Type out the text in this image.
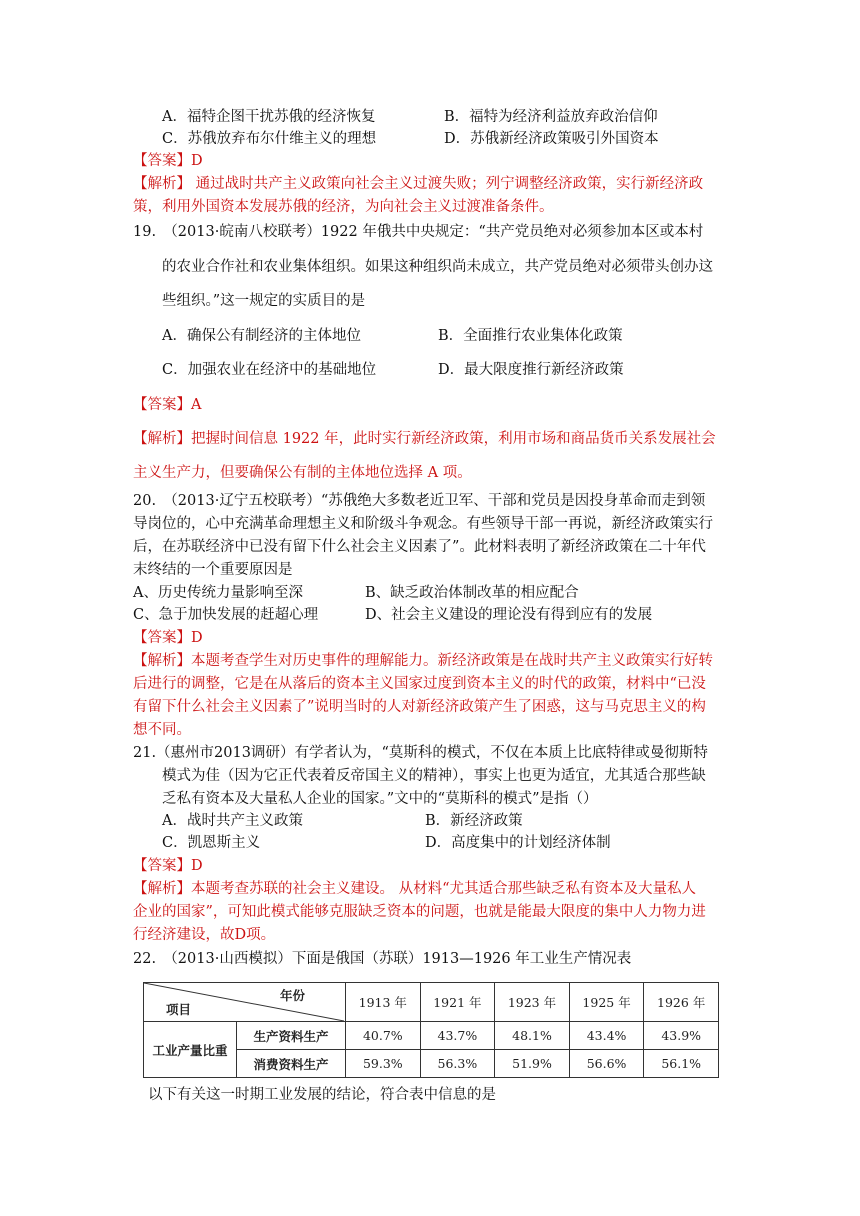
A．福特企图干扰苏俄的经济恢复	B．福特为经济利益放弃政治信仰
C．苏俄放弃布尔什维主义的理想	D．苏俄新经济政策吸引外国资本
【答案】D
【解析】 通过战时共产主义政策向社会主义过渡失败；列宁调整经济政策，实行新经济政
策，利用外国资本发展苏俄的经济，为向社会主义过渡准备条件。
19.　（2013·皖南八校联考）1922 年俄共中央规定：“共产党员绝对必须参加本区或本村
的农业合作社和农业集体组织。如果这种组织尚未成立，共产党员绝对必须带头创办这
些组织。”这一规定的实质目的是
A．确保公有制经济的主体地位	B．全面推行农业集体化政策
C．加强农业在经济中的基础地位	D．最大限度推行新经济政策
【答案】A
【解析】把握时间信息 1922 年，此时实行新经济政策，利用市场和商品货币关系发展社会
主义生产力，但要确保公有制的主体地位选择 A 项。
20.　（2013·辽宁五校联考）“苏俄绝大多数老近卫军、干部和党员是因投身革命而走到领
导岗位的，心中充满革命理想主义和阶级斗争观念。有些领导干部一再说，新经济政策实行
后，在苏联经济中已没有留下什么社会主义因素了”。此材料表明了新经济政策在二十年代
末终结的一个重要原因是
A、历史传统力量影响至深	B、缺乏政治体制改革的相应配合
C、急于加快发展的赶超心理	D、社会主义建设的理论没有得到应有的发展
【答案】D
【解析】本题考查学生对历史事件的理解能力。新经济政策是在战时共产主义政策实行好转
后进行的调整，它是在从落后的资本主义国家过度到资本主义的时代的政策，材料中“已没
有留下什么社会主义因素了”说明当时的人对新经济政策产生了困惑，这与马克思主义的构
想不同。
21.（惠州市2013调研）有学者认为，“莫斯科的模式，不仅在本质上比底特律或曼彻斯特
模式为佳（因为它正代表着反帝国主义的精神），事实上也更为适宜，尤其适合那些缺
乏私有资本及大量私人企业的国家。”文中的“莫斯科的模式”是指（）
A．战时共产主义政策	B．新经济政策
C．凯恩斯主义	D．高度集中的计划经济体制
【答案】D
【解析】本题考查苏联的社会主义建设。 从材料“尤其适合那些缺乏私有资本及大量私人
企业的国家”，可知此模式能够克服缺乏资本的问题，也就是能最大限度的集中人力物力进
行经济建设，故D项。
22.　（2013·山西模拟）下面是俄国（苏联）1913—1926 年工业生产情况表
年份
项目		1913 年	1921 年	1923 年	1925 年	1926 年
工业产量比重	生产资料生产	40.7%	43.7%	48.1%	43.4%	43.9%
	消费资料生产	59.3%	56.3%	51.9%	56.6%	56.1%
以下有关这一时期工业发展的结论，符合表中信息的是
